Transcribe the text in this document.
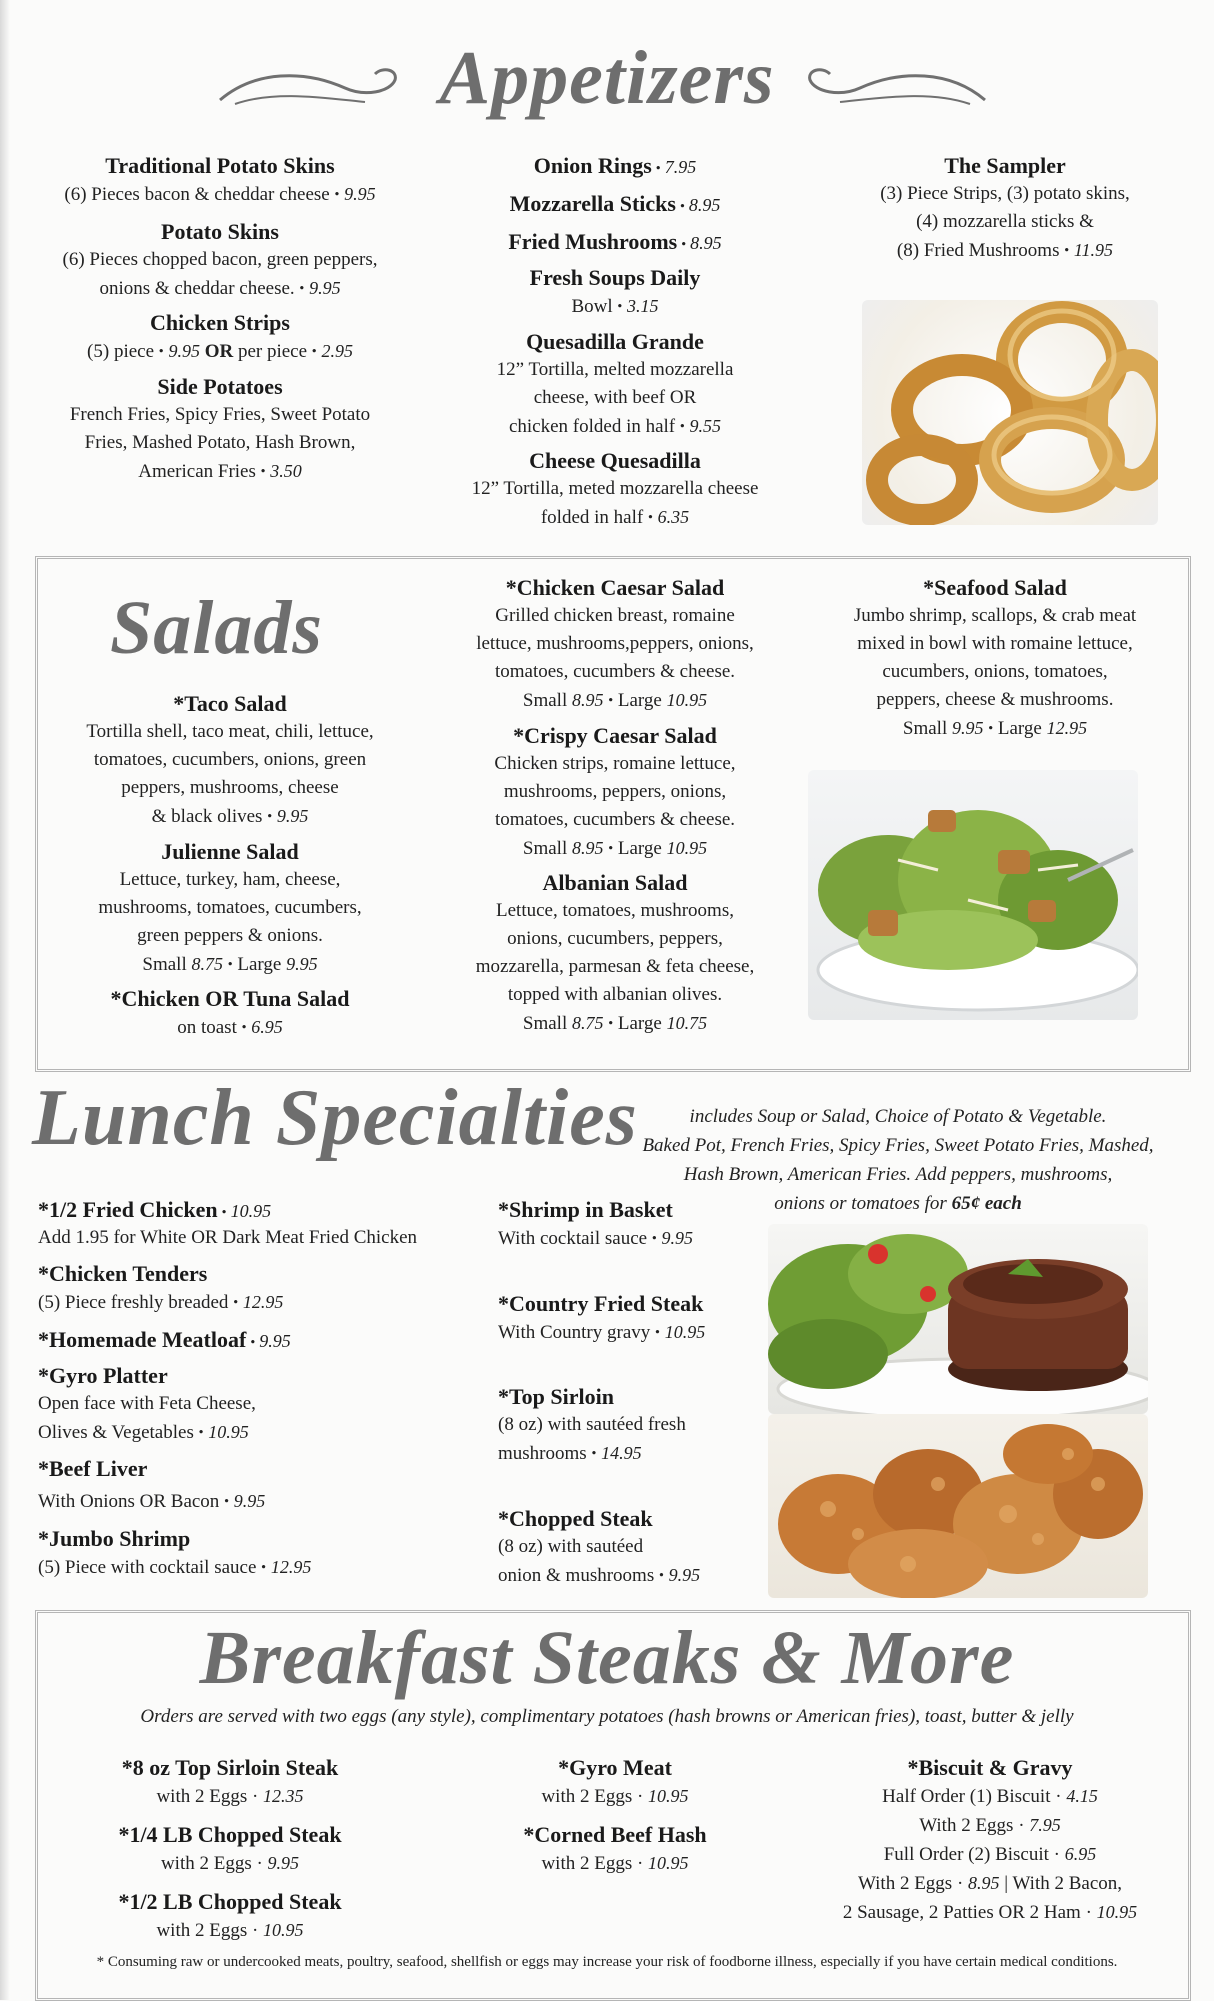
Appetizers
Traditional Potato Skins
(6) Pieces bacon & cheddar cheese • 9.95
Potato Skins
(6) Pieces chopped bacon, green peppers,
onions & cheddar cheese. • 9.95
Chicken Strips
(5) piece • 9.95 OR per piece • 2.95
Side Potatoes
French Fries, Spicy Fries, Sweet Potato
Fries, Mashed Potato, Hash Brown,
American Fries • 3.50
Onion Rings • 7.95
Mozzarella Sticks • 8.95
Fried Mushrooms • 8.95
Fresh Soups Daily
Bowl • 3.15
Quesadilla Grande
12” Tortilla, melted mozzarella
cheese, with beef OR
chicken folded in half • 9.55
Cheese Quesadilla
12” Tortilla, meted mozzarella cheese
folded in half • 6.35
The Sampler
(3) Piece Strips, (3) potato skins,
(4) mozzarella sticks &
(8) Fried Mushrooms • 11.95
Salads
*Taco Salad
Tortilla shell, taco meat, chili, lettuce,
tomatoes, cucumbers, onions, green
peppers, mushrooms, cheese
& black olives • 9.95
Julienne Salad
Lettuce, turkey, ham, cheese,
mushrooms, tomatoes, cucumbers,
green peppers & onions.
Small 8.75 • Large 9.95
*Chicken OR Tuna Salad
on toast • 6.95
*Chicken Caesar Salad
Grilled chicken breast, romaine
lettuce, mushrooms,peppers, onions,
tomatoes, cucumbers & cheese.
Small 8.95 • Large 10.95
*Crispy Caesar Salad
Chicken strips, romaine lettuce,
mushrooms, peppers, onions,
tomatoes, cucumbers & cheese.
Small 8.95 • Large 10.95
Albanian Salad
Lettuce, tomatoes, mushrooms,
onions, cucumbers, peppers,
mozzarella, parmesan & feta cheese,
topped with albanian olives.
Small 8.75 • Large 10.75
*Seafood Salad
Jumbo shrimp, scallops, & crab meat
mixed in bowl with romaine lettuce,
cucumbers, onions, tomatoes,
peppers, cheese & mushrooms.
Small 9.95 • Large 12.95
Lunch Specialties	includes Soup or Salad, Choice of Potato & Vegetable.
Baked Pot, French Fries, Spicy Fries, Sweet Potato Fries, Mashed,
Hash Brown, American Fries. Add peppers, mushrooms,
onions or tomatoes for 65¢ each
*1/2 Fried Chicken • 10.95
Add 1.95 for White OR Dark Meat Fried Chicken
*Chicken Tenders
(5) Piece freshly breaded • 12.95
*Homemade Meatloaf • 9.95
*Gyro Platter
Open face with Feta Cheese,
Olives & Vegetables • 10.95
*Beef Liver
With Onions OR Bacon • 9.95
*Jumbo Shrimp
(5) Piece with cocktail sauce • 12.95
*Shrimp in Basket
With cocktail sauce • 9.95
*Country Fried Steak
With Country gravy • 10.95
*Top Sirloin
(8 oz) with sautéed fresh
mushrooms • 14.95
*Chopped Steak
(8 oz) with sautéed
onion & mushrooms • 9.95
Breakfast Steaks & More
Orders are served with two eggs (any style), complimentary potatoes (hash browns or American fries), toast, butter & jelly
*8 oz Top Sirloin Steak
with 2 Eggs · 12.35
*1/4 LB Chopped Steak
with 2 Eggs · 9.95
*1/2 LB Chopped Steak
with 2 Eggs · 10.95
*Gyro Meat
with 2 Eggs · 10.95
*Corned Beef Hash
with 2 Eggs · 10.95
*Biscuit & Gravy
Half Order (1) Biscuit · 4.15
With 2 Eggs · 7.95
Full Order (2) Biscuit · 6.95
With 2 Eggs · 8.95 | With 2 Bacon,
2 Sausage, 2 Patties OR 2 Ham · 10.95
* Consuming raw or undercooked meats, poultry, seafood, shellfish or eggs may increase your risk of foodborne illness, especially if you have certain medical conditions.
